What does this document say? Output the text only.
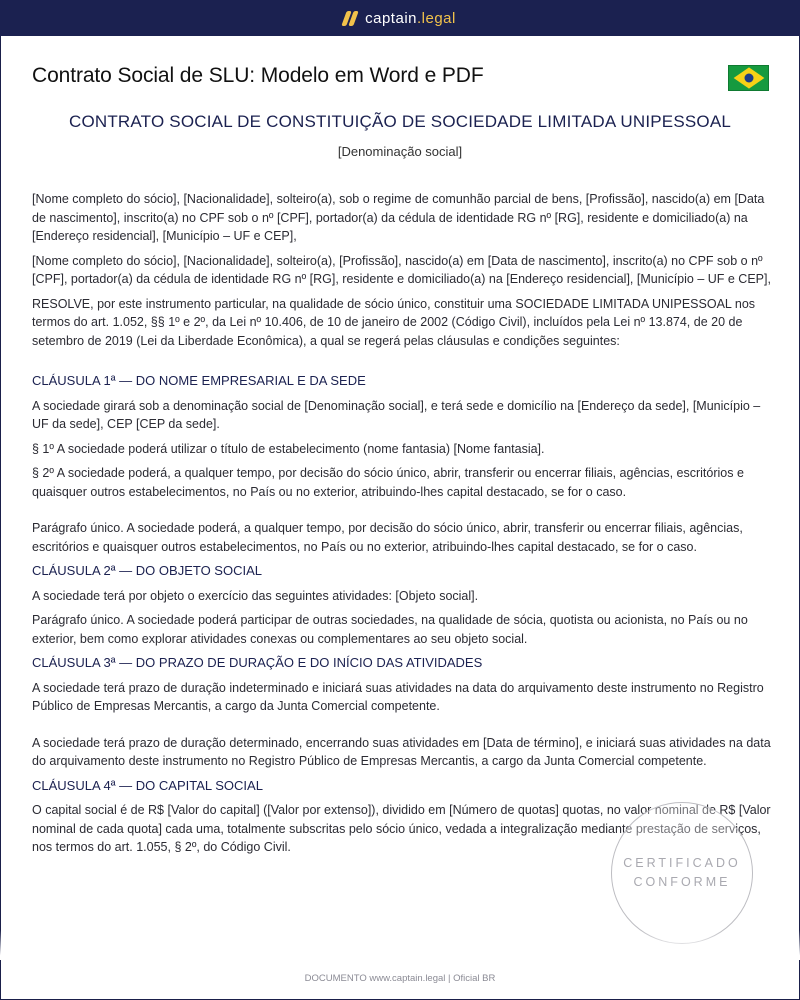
captain.legal
Contrato Social de SLU: Modelo em Word e PDF
CONTRATO SOCIAL DE CONSTITUIÇÃO DE SOCIEDADE LIMITADA UNIPESSOAL
[Denominação social]

[Nome completo do sócio], [Nacionalidade], solteiro(a), sob o regime de comunhão parcial de bens, [Profissão], nascido(a) em [Data de nascimento], inscrito(a) no CPF sob o nº [CPF], portador(a) da cédula de identidade RG nº [RG], residente e domiciliado(a) na [Endereço residencial], [Município – UF e CEP],

[Nome completo do sócio], [Nacionalidade], solteiro(a), [Profissão], nascido(a) em [Data de nascimento], inscrito(a) no CPF sob o nº [CPF], portador(a) da cédula de identidade RG nº [RG], residente e domiciliado(a) na [Endereço residencial], [Município – UF e CEP],

RESOLVE, por este instrumento particular, na qualidade de sócio único, constituir uma SOCIEDADE LIMITADA UNIPESSOAL nos termos do art. 1.052, §§ 1º e 2º, da Lei nº 10.406, de 10 de janeiro de 2002 (Código Civil), incluídos pela Lei nº 13.874, de 20 de setembro de 2019 (Lei da Liberdade Econômica), a qual se regerá pelas cláusulas e condições seguintes:

CLÁUSULA 1ª — DO NOME EMPRESARIAL E DA SEDE

A sociedade girará sob a denominação social de [Denominação social], e terá sede e domicílio na [Endereço da sede], [Município – UF da sede], CEP [CEP da sede].

§ 1º A sociedade poderá utilizar o título de estabelecimento (nome fantasia) [Nome fantasia].

§ 2º A sociedade poderá, a qualquer tempo, por decisão do sócio único, abrir, transferir ou encerrar filiais, agências, escritórios e quaisquer outros estabelecimentos, no País ou no exterior, atribuindo-lhes capital destacado, se for o caso.

Parágrafo único. A sociedade poderá, a qualquer tempo, por decisão do sócio único, abrir, transferir ou encerrar filiais, agências, escritórios e quaisquer outros estabelecimentos, no País ou no exterior, atribuindo-lhes capital destacado, se for o caso.

CLÁUSULA 2ª — DO OBJETO SOCIAL

A sociedade terá por objeto o exercício das seguintes atividades: [Objeto social].

Parágrafo único. A sociedade poderá participar de outras sociedades, na qualidade de sócia, quotista ou acionista, no País ou no exterior, bem como explorar atividades conexas ou complementares ao seu objeto social.

CLÁUSULA 3ª — DO PRAZO DE DURAÇÃO E DO INÍCIO DAS ATIVIDADES

A sociedade terá prazo de duração indeterminado e iniciará suas atividades na data do arquivamento deste instrumento no Registro Público de Empresas Mercantis, a cargo da Junta Comercial competente.

A sociedade terá prazo de duração determinado, encerrando suas atividades em [Data de término], e iniciará suas atividades na data do arquivamento deste instrumento no Registro Público de Empresas Mercantis, a cargo da Junta Comercial competente.

CLÁUSULA 4ª — DO CAPITAL SOCIAL

O capital social é de R$ [Valor do capital] ([Valor por extenso]), dividido em [Número de quotas] quotas, no valor nominal de R$ [Valor nominal de cada quota] cada uma, totalmente subscritas pelo sócio único, vedada a integralização mediante prestação de serviços, nos termos do art. 1.055, § 2º, do Código Civil.

CERTIFICADO
CONFORME
DOCUMENTO www.captain.legal | Oficial BR
